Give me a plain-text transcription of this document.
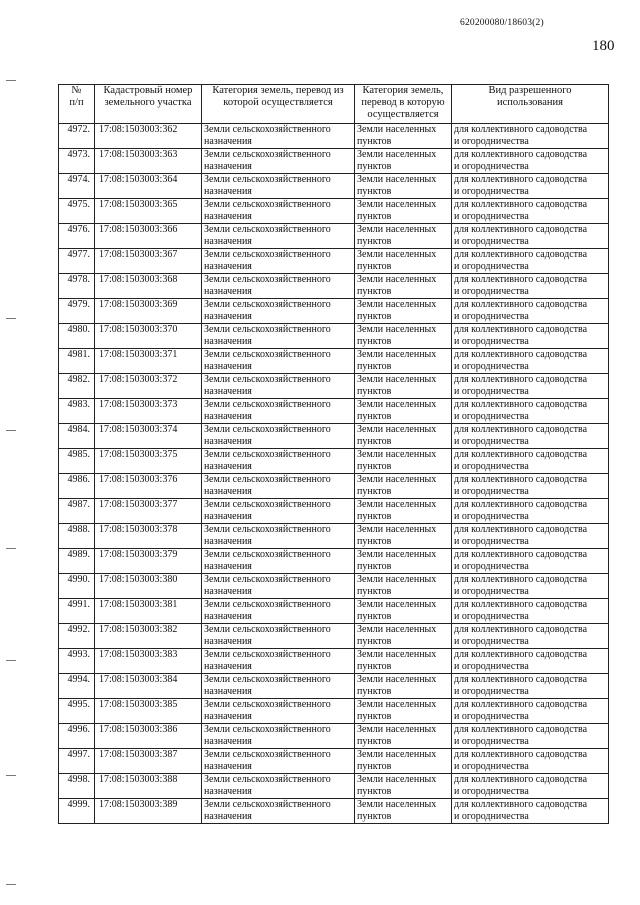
620200080/18603(2)
180
№
п/п	Кадастровый номер
земельного участка	Категория земель, перевод из
которой осуществляется	Категория земель,
перевод в которую
осуществляется	Вид разрешенного
использования

4972.	17:08:1503003:362	Земли сельскохозяйственного
назначения	Земли населенных
пунктов	для коллективного садоводства
и огородничества

4973.	17:08:1503003:363	Земли сельскохозяйственного
назначения	Земли населенных
пунктов	для коллективного садоводства
и огородничества

4974.	17:08:1503003:364	Земли сельскохозяйственного
назначения	Земли населенных
пунктов	для коллективного садоводства
и огородничества

4975.	17:08:1503003:365	Земли сельскохозяйственного
назначения	Земли населенных
пунктов	для коллективного садоводства
и огородничества

4976.	17:08:1503003:366	Земли сельскохозяйственного
назначения	Земли населенных
пунктов	для коллективного садоводства
и огородничества

4977.	17:08:1503003:367	Земли сельскохозяйственного
назначения	Земли населенных
пунктов	для коллективного садоводства
и огородничества

4978.	17:08:1503003:368	Земли сельскохозяйственного
назначения	Земли населенных
пунктов	для коллективного садоводства
и огородничества

4979.	17:08:1503003:369	Земли сельскохозяйственного
назначения	Земли населенных
пунктов	для коллективного садоводства
и огородничества

4980.	17:08:1503003:370	Земли сельскохозяйственного
назначения	Земли населенных
пунктов	для коллективного садоводства
и огородничества

4981.	17:08:1503003:371	Земли сельскохозяйственного
назначения	Земли населенных
пунктов	для коллективного садоводства
и огородничества

4982.	17:08:1503003:372	Земли сельскохозяйственного
назначения	Земли населенных
пунктов	для коллективного садоводства
и огородничества

4983.	17:08:1503003:373	Земли сельскохозяйственного
назначения	Земли населенных
пунктов	для коллективного садоводства
и огородничества

4984.	17:08:1503003:374	Земли сельскохозяйственного
назначения	Земли населенных
пунктов	для коллективного садоводства
и огородничества

4985.	17:08:1503003:375	Земли сельскохозяйственного
назначения	Земли населенных
пунктов	для коллективного садоводства
и огородничества

4986.	17:08:1503003:376	Земли сельскохозяйственного
назначения	Земли населенных
пунктов	для коллективного садоводства
и огородничества

4987.	17:08:1503003:377	Земли сельскохозяйственного
назначения	Земли населенных
пунктов	для коллективного садоводства
и огородничества

4988.	17:08:1503003:378	Земли сельскохозяйственного
назначения	Земли населенных
пунктов	для коллективного садоводства
и огородничества

4989.	17:08:1503003:379	Земли сельскохозяйственного
назначения	Земли населенных
пунктов	для коллективного садоводства
и огородничества

4990.	17:08:1503003:380	Земли сельскохозяйственного
назначения	Земли населенных
пунктов	для коллективного садоводства
и огородничества

4991.	17:08:1503003:381	Земли сельскохозяйственного
назначения	Земли населенных
пунктов	для коллективного садоводства
и огородничества

4992.	17:08:1503003:382	Земли сельскохозяйственного
назначения	Земли населенных
пунктов	для коллективного садоводства
и огородничества

4993.	17:08:1503003:383	Земли сельскохозяйственного
назначения	Земли населенных
пунктов	для коллективного садоводства
и огородничества

4994.	17:08:1503003:384	Земли сельскохозяйственного
назначения	Земли населенных
пунктов	для коллективного садоводства
и огородничества

4995.	17:08:1503003:385	Земли сельскохозяйственного
назначения	Земли населенных
пунктов	для коллективного садоводства
и огородничества

4996.	17:08:1503003:386	Земли сельскохозяйственного
назначения	Земли населенных
пунктов	для коллективного садоводства
и огородничества

4997.	17:08:1503003:387	Земли сельскохозяйственного
назначения	Земли населенных
пунктов	для коллективного садоводства
и огородничества

4998.	17:08:1503003:388	Земли сельскохозяйственного
назначения	Земли населенных
пунктов	для коллективного садоводства
и огородничества

4999.	17:08:1503003:389	Земли сельскохозяйственного
назначения	Земли населенных
пунктов	для коллективного садоводства
и огородничества
